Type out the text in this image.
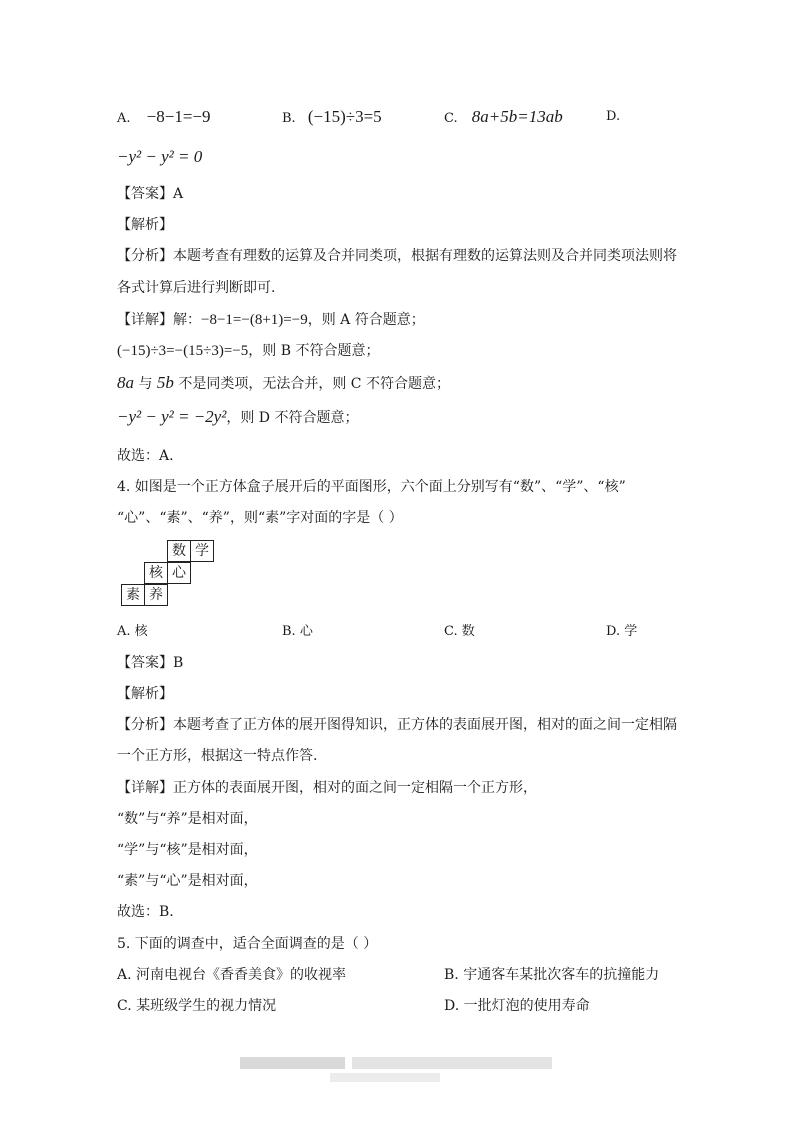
A. −8−1=−9	B. (−15)÷3=5	C. 8a+5b=13ab	D.
−y² − y² = 0
【答案】A
【解析】
【分析】本题考查有理数的运算及合并同类项，根据有理数的运算法则及合并同类项法则将
各式计算后进行判断即可.
【详解】解：−8−1=−(8+1)=−9，则 A 符合题意；
(−15)÷3=−(15÷3)=−5，则 B 不符合题意；
8a 与 5b 不是同类项，无法合并，则 C 不符合题意；
−y² − y² = −2y²，则 D 不符合题意；
故选：A.
4. 如图是一个正方体盒子展开后的平面图形，六个面上分别写有“数”、“学”、“核”
“心”、“素”、“养”，则“素”字对面的字是（ ）
数 学
核 心
素 养
A. 核	B. 心	C. 数	D. 学
【答案】B
【解析】
【分析】本题考查了正方体的展开图得知识，正方体的表面展开图，相对的面之间一定相隔
一个正方形，根据这一特点作答.
【详解】正方体的表面展开图，相对的面之间一定相隔一个正方形，
“数”与“养”是相对面，
“学”与“核”是相对面，
“素”与“心”是相对面，
故选：B.
5. 下面的调查中，适合全面调查的是（ ）
A. 河南电视台《香香美食》的收视率	B. 宇通客车某批次客车的抗撞能力
C. 某班级学生的视力情况	D. 一批灯泡的使用寿命
